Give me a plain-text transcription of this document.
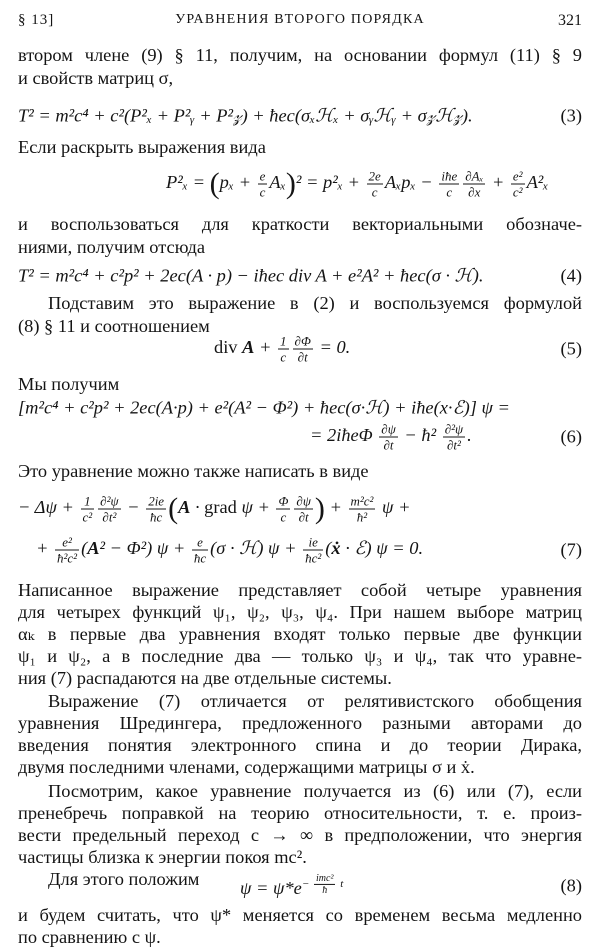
§ 13]	УРАВНЕНИЯ ВТОРОГО ПОРЯДКА	321
втором члене (9) § 11, получим, на основании формул (11) § 9
и свойств матриц σ,
T² = m²c⁴ + c²(P²ₓ + P²ᵧ + P²𝓏) + ħec(σₓℋₓ + σᵧℋᵧ + σ𝓏ℋ𝓏).	(3)
Если раскрыть выражения вида
$P^2_x = (p_x + \frac{e}{c} A_x)^2 = p^2_x + \frac{2e}{c}$ Aₓpₓ − iħe
c $\frac{\text{∂Aₓ}}{\partial x} + \frac{\text{e²}}{\text{c²}} A^2_x$
и воспользоваться для краткости векториальными обозначе-
ниями, получим отсюда
T² = m²c⁴ + c²p² + 2ec(A · p) − iħec div A + e²A² + ħec(σ · ℋ).	(4)
Подставим это выражение в (2) и воспользуемся формулой
(8) § 11 и соотношением
div $A + \frac{1}{c} \frac{\partial\Phi}{\partial t} = 0$.	(5)
Мы получим
[m²c⁴ + c²p² + 2ec(A·p) + e²(A² − Φ²) + ħec(σ·ℋ) + iħe(x·ℰ)] ψ =
= 2iħeΦ $\frac{\partial\psi}{\partial t}$ − ħ² $\frac{\text{∂²ψ}}{\text{∂t²}}$ .	(6)
Это уравнение можно также написать в виде
− $\Delta\psi + \frac{1}{\text{c²}} \frac{\text{∂²ψ}}{\text{∂t²}} - \frac{2ie}{ħc} (A$ · grad $\psi + \frac{\Phi}{c} \frac{\partial\psi}{\partial t}$ ) + $\frac{\text{m²c²}}{\text{ħ²}}$ ψ +
+ $\frac{\text{e²}}{\text{ħ²c²}} (A^2 - \Phi^2) \psi + \frac{e}{ħc} (\sigma$ · ℋ) $\psi + \frac{ie}{\text{ħc²}}$ (ẋ · ℰ) ψ = 0.	(7)
Написанное выражение представляет собой четыре уравнения
для четырех функций ψ₁, ψ₂, ψ₃, ψ₄. При нашем выборе матриц
αₖ в первые два уравнения входят только первые две функции
ψ₁ и ψ₂, а в последние два — только ψ₃ и ψ₄, так что уравне-
ния (7) распадаются на две отдельные системы.
Выражение (7) отличается от релятивистского обобщения
уравнения Шредингера, предложенного разными авторами до
введения понятия электронного спина и до теории Дирака,
двумя последними членами, содержащими матрицы σ и ẋ.
Посмотрим, какое уравнение получается из (6) или (7), если
пренебречь поправкой на теорию относительности, т. е. произ-
вести предельный переход c → ∞ в предположении, что энергия
частицы близка к энергии покоя mc².
Для этого положим	$\psi = \psi*e^{- imc^2 ħ t}$	(8)
и будем считать, что ψ* меняется со временем весьма медленно
по сравнению с ψ.
